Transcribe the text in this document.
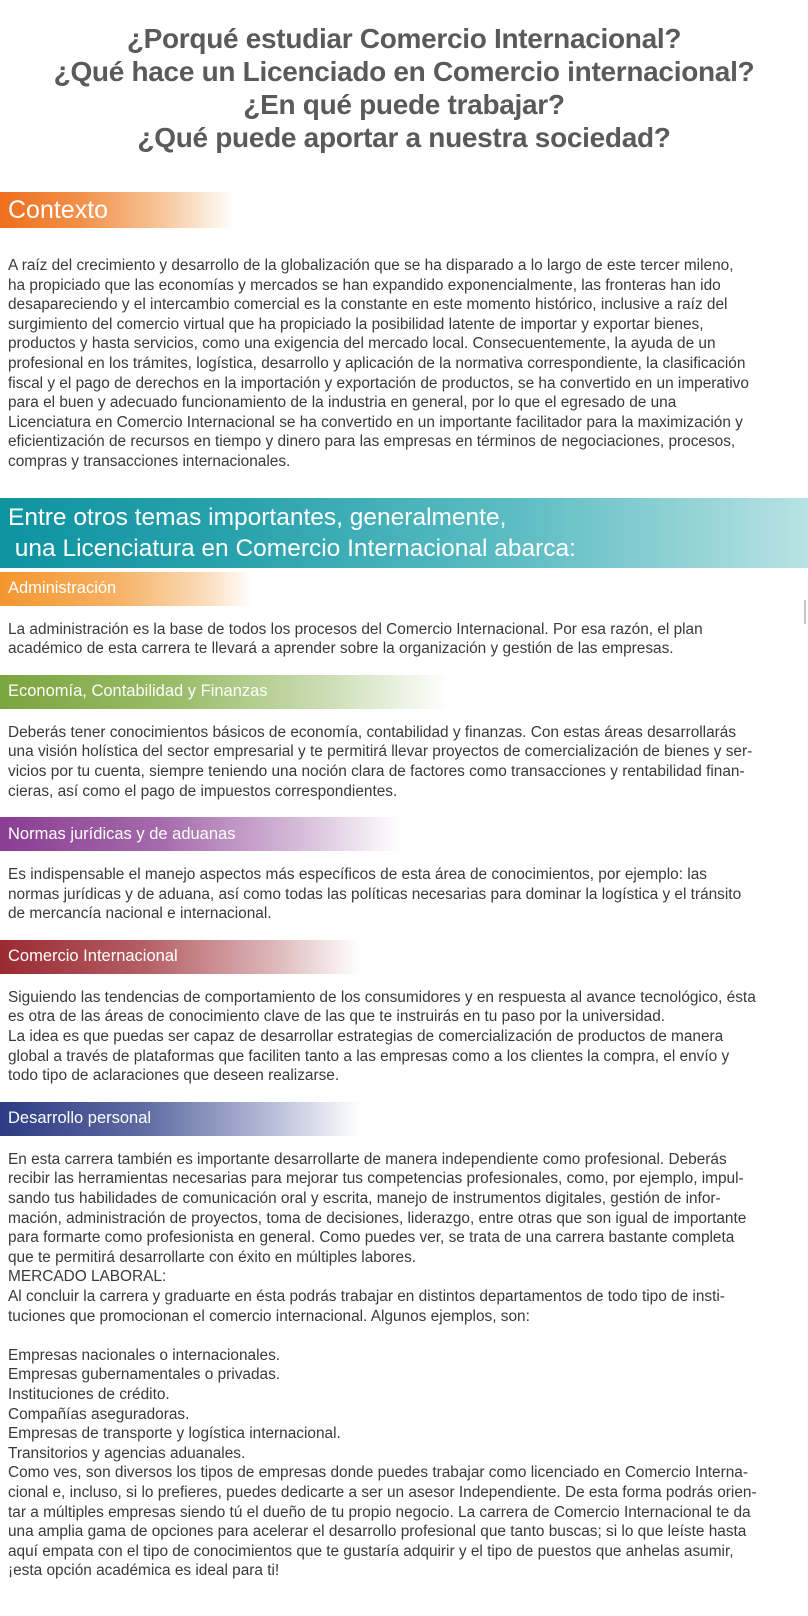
¿Porqué estudiar Comercio Internacional?
¿Qué hace un Licenciado en Comercio internacional?
¿En qué puede trabajar?
¿Qué puede aportar a nuestra sociedad?
Contexto
A raíz del crecimiento y desarrollo de la globalización que se ha disparado a lo largo de este tercer mileno,
ha propiciado que las economías y mercados se han expandido exponencialmente, las fronteras han ido
desapareciendo y el intercambio comercial es la constante en este momento histórico, inclusive a raíz del
surgimiento del comercio virtual que ha propiciado la posibilidad latente de importar y exportar bienes,
productos y hasta servicios, como una exigencia del mercado local. Consecuentemente, la ayuda de un
profesional en los trámites, logística, desarrollo y aplicación de la normativa correspondiente, la clasificación
fiscal y el pago de derechos en la importación y exportación de productos, se ha convertido en un imperativo
para el buen y adecuado funcionamiento de la industria en general, por lo que el egresado de una
Licenciatura en Comercio Internacional se ha convertido en un importante facilitador para la maximización y
eficientización de recursos en tiempo y dinero para las empresas en términos de negociaciones, procesos,
compras y transacciones internacionales.
Entre otros temas importantes, generalmente,
una Licenciatura en Comercio Internacional abarca:
Administración
La administración es la base de todos los procesos del Comercio Internacional. Por esa razón, el plan
académico de esta carrera te llevará a aprender sobre la organización y gestión de las empresas.
Economía, Contabilidad y Finanzas
Deberás tener conocimientos básicos de economía, contabilidad y finanzas. Con estas áreas desarrollarás
una visión holística del sector empresarial y te permitirá llevar proyectos de comercialización de bienes y ser-
vicios por tu cuenta, siempre teniendo una noción clara de factores como transacciones y rentabilidad finan-
cieras, así como el pago de impuestos correspondientes.
Normas jurídicas y de aduanas
Es indispensable el manejo aspectos más específicos de esta área de conocimientos, por ejemplo: las
normas jurídicas y de aduana, así como todas las políticas necesarias para dominar la logística y el tránsito
de mercancía nacional e internacional.
Comercio Internacional
Siguiendo las tendencias de comportamiento de los consumidores y en respuesta al avance tecnológico, ésta
es otra de las áreas de conocimiento clave de las que te instruirás en tu paso por la universidad.
La idea es que puedas ser capaz de desarrollar estrategias de comercialización de productos de manera
global a través de plataformas que faciliten tanto a las empresas como a los clientes la compra, el envío y
todo tipo de aclaraciones que deseen realizarse.
Desarrollo personal
En esta carrera también es importante desarrollarte de manera independiente como profesional. Deberás
recibir las herramientas necesarias para mejorar tus competencias profesionales, como, por ejemplo, impul-
sando tus habilidades de comunicación oral y escrita, manejo de instrumentos digitales, gestión de infor-
mación, administración de proyectos, toma de decisiones, liderazgo, entre otras que son igual de importante
para formarte como profesionista en general. Como puedes ver, se trata de una carrera bastante completa
que te permitirá desarrollarte con éxito en múltiples labores.
MERCADO LABORAL:
Al concluir la carrera y graduarte en ésta podrás trabajar en distintos departamentos de todo tipo de insti-
tuciones que promocionan el comercio internacional. Algunos ejemplos, son:

Empresas nacionales o internacionales.
Empresas gubernamentales o privadas.
Instituciones de crédito.
Compañías aseguradoras.
Empresas de transporte y logística internacional.
Transitorios y agencias aduanales.
Como ves, son diversos los tipos de empresas donde puedes trabajar como licenciado en Comercio Interna-
cional e, incluso, si lo prefieres, puedes dedicarte a ser un asesor Independiente. De esta forma podrás orien-
tar a múltiples empresas siendo tú el dueño de tu propio negocio. La carrera de Comercio Internacional te da
una amplia gama de opciones para acelerar el desarrollo profesional que tanto buscas; si lo que leíste hasta
aquí empata con el tipo de conocimientos que te gustaría adquirir y el tipo de puestos que anhelas asumir,
¡esta opción académica es ideal para ti!
